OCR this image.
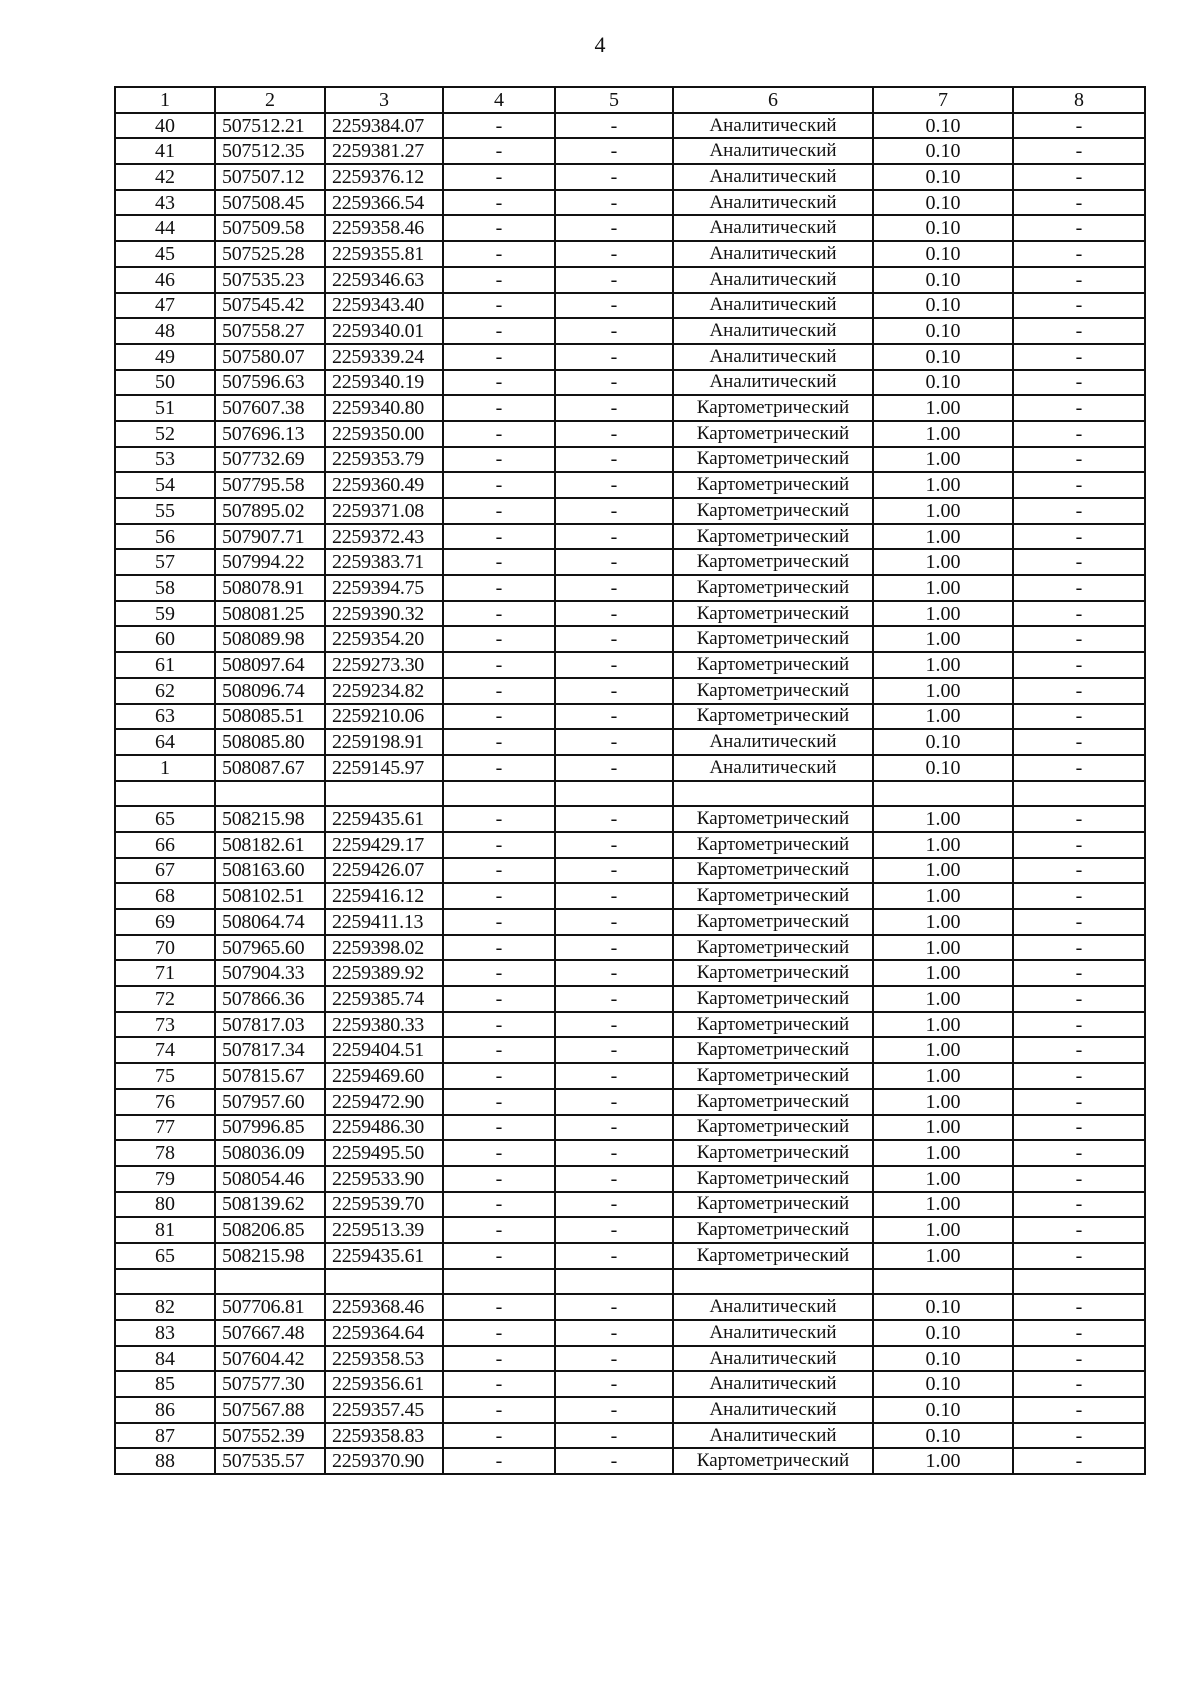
4
1	2	3	4	5	6	7	8
40	507512.21	2259384.07	-	-	Аналитический	0.10	-
41	507512.35	2259381.27	-	-	Аналитический	0.10	-
42	507507.12	2259376.12	-	-	Аналитический	0.10	-
43	507508.45	2259366.54	-	-	Аналитический	0.10	-
44	507509.58	2259358.46	-	-	Аналитический	0.10	-
45	507525.28	2259355.81	-	-	Аналитический	0.10	-
46	507535.23	2259346.63	-	-	Аналитический	0.10	-
47	507545.42	2259343.40	-	-	Аналитический	0.10	-
48	507558.27	2259340.01	-	-	Аналитический	0.10	-
49	507580.07	2259339.24	-	-	Аналитический	0.10	-
50	507596.63	2259340.19	-	-	Аналитический	0.10	-
51	507607.38	2259340.80	-	-	Картометрический	1.00	-
52	507696.13	2259350.00	-	-	Картометрический	1.00	-
53	507732.69	2259353.79	-	-	Картометрический	1.00	-
54	507795.58	2259360.49	-	-	Картометрический	1.00	-
55	507895.02	2259371.08	-	-	Картометрический	1.00	-
56	507907.71	2259372.43	-	-	Картометрический	1.00	-
57	507994.22	2259383.71	-	-	Картометрический	1.00	-
58	508078.91	2259394.75	-	-	Картометрический	1.00	-
59	508081.25	2259390.32	-	-	Картометрический	1.00	-
60	508089.98	2259354.20	-	-	Картометрический	1.00	-
61	508097.64	2259273.30	-	-	Картометрический	1.00	-
62	508096.74	2259234.82	-	-	Картометрический	1.00	-
63	508085.51	2259210.06	-	-	Картометрический	1.00	-
64	508085.80	2259198.91	-	-	Аналитический	0.10	-
1	508087.67	2259145.97	-	-	Аналитический	0.10	-

65	508215.98	2259435.61	-	-	Картометрический	1.00	-
66	508182.61	2259429.17	-	-	Картометрический	1.00	-
67	508163.60	2259426.07	-	-	Картометрический	1.00	-
68	508102.51	2259416.12	-	-	Картометрический	1.00	-
69	508064.74	2259411.13	-	-	Картометрический	1.00	-
70	507965.60	2259398.02	-	-	Картометрический	1.00	-
71	507904.33	2259389.92	-	-	Картометрический	1.00	-
72	507866.36	2259385.74	-	-	Картометрический	1.00	-
73	507817.03	2259380.33	-	-	Картометрический	1.00	-
74	507817.34	2259404.51	-	-	Картометрический	1.00	-
75	507815.67	2259469.60	-	-	Картометрический	1.00	-
76	507957.60	2259472.90	-	-	Картометрический	1.00	-
77	507996.85	2259486.30	-	-	Картометрический	1.00	-
78	508036.09	2259495.50	-	-	Картометрический	1.00	-
79	508054.46	2259533.90	-	-	Картометрический	1.00	-
80	508139.62	2259539.70	-	-	Картометрический	1.00	-
81	508206.85	2259513.39	-	-	Картометрический	1.00	-
65	508215.98	2259435.61	-	-	Картометрический	1.00	-

82	507706.81	2259368.46	-	-	Аналитический	0.10	-
83	507667.48	2259364.64	-	-	Аналитический	0.10	-
84	507604.42	2259358.53	-	-	Аналитический	0.10	-
85	507577.30	2259356.61	-	-	Аналитический	0.10	-
86	507567.88	2259357.45	-	-	Аналитический	0.10	-
87	507552.39	2259358.83	-	-	Аналитический	0.10	-
88	507535.57	2259370.90	-	-	Картометрический	1.00	-
